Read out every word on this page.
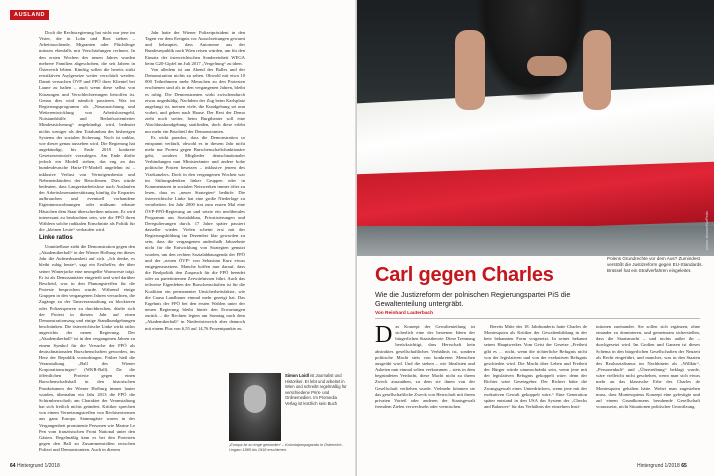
AUSLAND

Doch die Rechtsregierung hat nicht nur jene im Visier, die in Lohn und Brot stehen – Arbeitssuchende, Migranten oder Flüchtlinge müssen ebenfalls mit Verschärfungen rechnen. In den ersten Wochen des neuen Jahres wurden mehrere Familien abgeschoben, die seit Jahren in Österreich lebten. Künftig sollen die bereits strikt restriktiven Asylgesetze weiter verschärft werden. Damit versuchen ÖVP und FPÖ ihrer Klientel bei Laune zu halten – auch wenn diese selbst von Kürzungen und Verschlechterungen betroffen ist. Genau dies wird nämlich passieren. Was im Regierungsprogramm als „Neuausrichtung und Weiterentwicklung von Arbeitslosengeld, Notstandshilfe und Bedarfsorientierter Mindestsicherung“ angekündigt wird, bedeutet nichts weniger als den Totalumbau des bisherigen Systems der sozialen Sicherung. Noch ist unklar, wie dieser genau aussehen wird. Die Regierung hat angekündigt, bis Ende 2018 konkrete Gesetzesentwürfe vorzulegen. Am Ende dürfte jedoch ein Modell stehen, das eng an das bundesdeutsche Hartz-IV-Modell angelehnt ist – inklusive Verlust von Vermögensbesitz und Nebeneinkünften der Betroffenen. Dies würde bedeuten, dass Langzeitarbeitslose nach Auslaufen der Arbeitslosenunterstützung künftig ihr Erspartes aufbrauchen und eventuell vorhandene Eigentumswohnungen oder mühsam erbaute Häuschen dem Staat überschreiben müssen. Es wird interessant zu beobachten sein, wie die FPÖ ihren Wählern solche radikalen Einschnitte als Politik für die „kleinen Leute“ verkaufen wird.

Linke ratlos

Unmittelbare zieht die Demonstration gegen den „Akademikerball“ in der Wiener Hofburg ein dieses Jahr die Aufmerksamkeit auf sich. „Ich denke, es bleibt ruhig heute“, sagt ein Ersthelfer, der über seiner Winterjacke eine neongelbe Warnweste trägt. Er ist als Demosanitäter eingeteilt und wird darüber Bescheid, was in den Planungstreffen für die Proteste besprochen wurde. Während einige Gruppen in den vergangenen Jahren versuchten, die Zugänge zu der Tanzveranstaltung zu blockieren oder Polizeisperren zu durchbrechen, dürfte sich der Protest in diesem Jahr auf einen Demonstrationszug und einige Standkundgebungen beschränken. Die österreichische Linke wirkt ratlos angesichts der neuen Regierung. Der „Akademikerball“ ist in den vergangenen Jahren zu einem Symbol für die Versuche der FPÖ als deutschnationalen Burschenschaften geworden, ins Herz der Republik vorzudringen. Früher hieß die Veranstaltung „Ball des Wiener Korporationsringes“ (WKR-Ball). Da die öffentlichen Proteste gegen einen Burschenschaftsball in den historischen Prunkräumen der Wiener Hofburg immer lauter wurden, übernahm ein Jahr 2013 die FPÖ die Schirmherrschaft; am Charakter der Veranstaltung hat sich freilich nichts geändert. Kritiker sprechen von einem Vernetzungstreffen von Rechtsextremen aus ganz Europa. Stammgäste waren in der Vergangenheit prominente Personen wie Marine Le Pen vom französischen Front National unter den Gästen. Regelmäßig kam es bei den Protesten gegen den Ball zu Zusammenstößen zwischen Polizei und Demonstranten. Auch in diesem

Jahr hatte der Wiener Polizeipräsident in den Tagen vor dem Ereignis vor Ausschreitungen gewarnt und behauptet, dass Autonome aus der Bundesrepublik nach Wien reisen würden, um für den Einsatz der österreichischen Sondereinheit WEGA beim G20-Gipfel im Juli 2017 „Vergeltung“ zu üben.

Von alledem ist am Abend des Balles und der Demonstration nichts zu sehen. Obwohl mit etwa 10 000 Teilnehmern mehr Menschen zu den Protesten erschienen sind als in den vergangenen Jahren, bleibt es ruhig. Die Demonstranten wirkt zwischendurch etwas ungeduldig. Nachdem der Zug beim Karlsplatz angelangt ist, meinen viele, die Kundgebung sei nun vorbei, und gehen nach Hause. Der Rest der Demo zieht noch weiter, beim Burgtheater soll eine Abschlusskundgebung stattfinden, doch diese erlebt nur mehr ein Bruchteil der Demonstranten.

Es wirkt paradox, dass die Demonstration so entspannt verläuft, obwohl es in diesem Jahr nicht mehr nur Protest gegen Burschenschaftsfunktionäre geht, sondern Mitglieder deutschnationaler Verbindungen nun Ministerämter und andere hohe politische Posten besetzen – inklusive jenem des Vizekanzlers. Doch in den vergangenen Wochen war im Stiftungsdenken linker Gruppen oder in Kommentaren in sozialen Netzwerken immer öfter zu lesen, dass es „neuer Strategien“ bedürfe. Die österreichische Linke hat eine große Niederlage zu verarbeiten. Im Jahr 2000 trat zum ersten Mal eine ÖVP-FPÖ-Regierung an und setzte ein neoliberales Programm aus Sozialabbau, Privatisierungen und Deregulierungen durch. 17 Jahre später passiert dasselbe wieder. Vielen scheint erst mit der Regierungsbildung im Dezember klar geworden zu sein, dass die vergangenen anderthalb Jahrzehnte nicht für die Entwicklung von Strategien genutzt wurden, um den rechten Sozialabbauagenda der FPÖ und der „neuen ÖVP“ von Sebastian Kurz etwas entgegenzusetzen. Manche hoffen nun darauf, dass die Realpolitik den Zuspruch für die FPÖ beendet oder zu parteiinternen Zerwürfnissen führt. Auch das teilweise Eigenleben der Burschenschaften ist für die Koalition ein permanenter Unsicherheitsfaktor, wie die Causa Landbauer einmal mehr gezeigt hat. Das Ergebnis der FPÖ bei den ersten Wahlen unter der neuen Regierung bleibt hinter den Erwartungen zurück – die Rechten legten am Sonntag nach dem „Akademikerball“ in Niederösterreich aber dennoch mit einem Plus von 6,55 auf 14,76 Prozentpunkte zu.

Simon Loidl ist Journalist und Historiker. Er lebt und arbeitet in Wien und schreibt regelmäßig für verschiedene Print- und Onlinemedien. Im Promedia Verlag ist kürzlich sein Buch
„Europa ist zu enge geworden“ – Kolonialpropaganda in Österreich-Ungarn 1885 bis 1918 erschienen.
64 Hintergrund 1/2018
picture alliance/NurPhoto
Polens Grundrechte vor dem Aus? Zumindest verstößt die Justizreform gegen EU-Standards. Brüssel hat ein Strafverfahren eingeleitet.
Carl gegen Charles
Wie die Justizreform der polnischen Regierungspartei PiS die Gewaltenteilung untergräbt.
Von Reinhard Lauterbach
D as Konzept der Gewaltenteilung ist sicherlich eine der bestenen Ideen der bürgerlichen Staatstheorie. Diese Trennung berücksichtigt, dass Herrschaft kein abstraktes gesellschaftliches Verhältnis ist, sondern politische Macht stets von konkreten Menschen ausgeübt wird. Und die stehen – wie Idealisten und Asketen nun einmal selten verkommen – stets in dem begründeten Verdacht, diese Macht nicht zu ihrem Zweck auszuüben, zu dem sie ihnen von der Gesellschaft verliehen wurde. Vielmehr könnten sie das gesellschaftliche Zweck von Herrschaft mit ihrem privaten Vorteil oder anderen der Staatsgewalt fremdem Zielen verwechseln oder vermischen.

Bereits Mitte des 18. Jahrhunderts hatte Charles de Montesquieu als Kritiker der Gewaltenbildung in der bete bekannten Form vorgesetzt. In seiner bekannt seines Hauptwerkes Vom Geist der Gesetze „Freiheit gibt es … nicht, wenn die richterliche Befugnis nicht von der legislativen und von der exekutiven Befugnis geschieden wird. Die Macht über Leben und Freiheit der Bürger würde unumschränkt sein, wenn jene mit der legislativen Befugnis gekoppelt wäre; denn der Richter wäre Gesetzgeber. Der Richter hätte die Zwangsgewalt eines Unterdrückers, wenn jene mit der exekutiven Gewalt gekoppelt wäre.“ Eine Generation später entstand in den USA das System der „Checks and Balances“ für das Verhältnis der einzelnen Insti-

tutionen zueinander. Sie sollen sich ergänzen, ohne einander zu dominieren, und gemeinsam sicherstellen, dass die Staatsmacht – und nichts außer ihr – durchgesetzt wird. Im Großen und Ganzen ist dieses Schema in den bürgerlichen Gesellschaften der Neuzeit als Recht eingeführt, und manches, was in den Staaten des Realsozialismus im Nachhinein als „Willkür“, „Personenkult“ und „Übertreibung“ beklagt wurde, wäre vielleicht nicht geschehen, wenn man sich etwas mehr an das klassische Erbe des Charles de Montesquieu gehalten hätte. Wobei man zugestehen muss, dass Montesquieus Konzept eine gefestigte und auf einem Grundkonsens beruhende Gesellschaft voraussetzt, nicht Situationen politischer Umwälzung.

Hintergrund 1/2018 65
